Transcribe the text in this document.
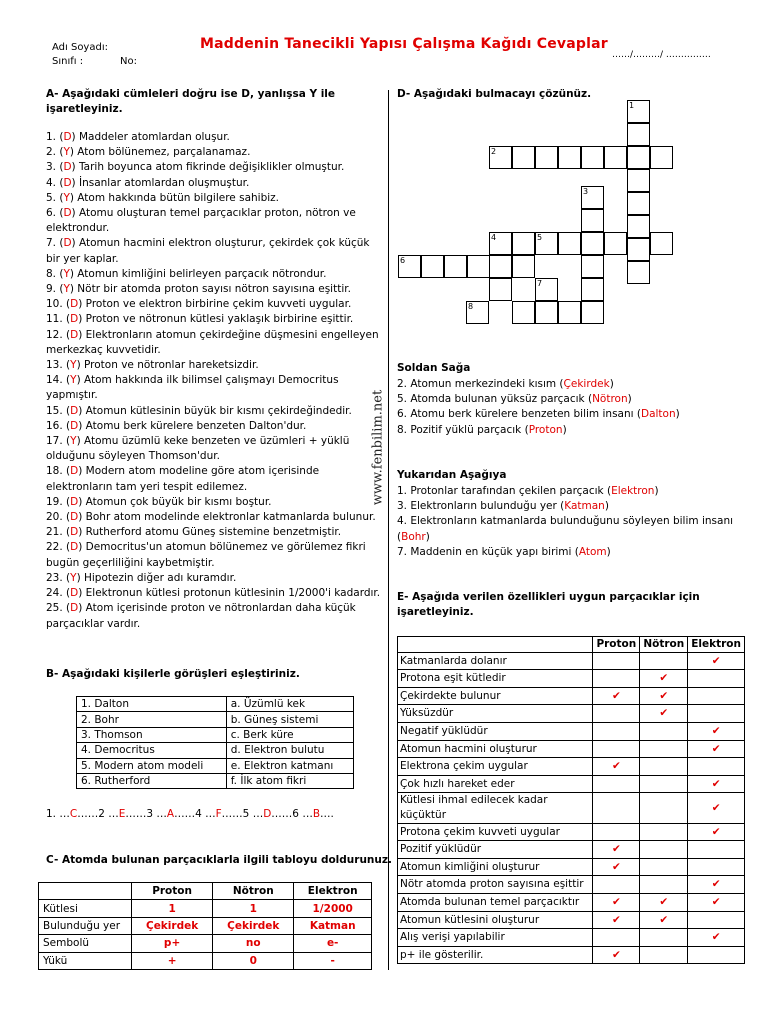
Adı Soyadı:
Sınıfı :	No:
Maddenin Tanecikli Yapısı Çalışma Kağıdı Cevaplar
……/………/ ……………
www.fenbilim.net
A- Aşağıdaki cümleleri doğru ise D, yanlışsa Y ile işaretleyiniz.
1. (D) Maddeler atomlardan oluşur.
2. (Y) Atom bölünemez, parçalanamaz.
3. (D) Tarih boyunca atom fikrinde değişiklikler olmuştur.
4. (D) İnsanlar atomlardan oluşmuştur.
5. (Y) Atom hakkında bütün bilgilere sahibiz.
6. (D) Atomu oluşturan temel parçacıklar proton, nötron ve elektrondur.
7. (D) Atomun hacmini elektron oluşturur, çekirdek çok küçük bir yer kaplar.
8. (Y) Atomun kimliğini belirleyen parçacık nötrondur.
9. (Y) Nötr bir atomda proton sayısı nötron sayısına eşittir.
10. (D) Proton ve elektron birbirine çekim kuvveti uygular.
11. (D) Proton ve nötronun kütlesi yaklaşık birbirine eşittir.
12. (D) Elektronların atomun çekirdeğine düşmesini engelleyen merkezkaç kuvvetidir.
13. (Y) Proton ve nötronlar hareketsizdir.
14. (Y) Atom hakkında ilk bilimsel çalışmayı Democritus yapmıştır.
15. (D) Atomun kütlesinin büyük bir kısmı çekirdeğindedir.
16. (D) Atomu berk kürelere benzeten Dalton'dur.
17. (Y) Atomu üzümlü keke benzeten ve üzümleri + yüklü olduğunu söyleyen Thomson'dur.
18. (D) Modern atom modeline göre atom içerisinde elektronların tam yeri tespit edilemez.
19. (D) Atomun çok büyük bir kısmı boştur.
20. (D) Bohr atom modelinde elektronlar katmanlarda bulunur.
21. (D) Rutherford atomu Güneş sistemine benzetmiştir.
22. (D) Democritus'un atomun bölünemez ve görülemez fikri bugün geçerliliğini kaybetmiştir.
23. (Y) Hipotezin diğer adı kuramdır.
24. (D) Elektronun kütlesi protonun kütlesinin 1/2000'i kadardır.
25. (D) Atom içerisinde proton ve nötronlardan daha küçük parçacıklar vardır.
B- Aşağıdaki kişilerle görüşleri eşleştiriniz.
1. Dalton	a. Üzümlü kek
2. Bohr	b. Güneş sistemi
3. Thomson	c. Berk küre
4. Democritus	d. Elektron bulutu
5. Modern atom modeli	e. Elektron katmanı
6. Rutherford	f. İlk atom fikri
1. …C……2 …E……3 …A……4 …F……5 …D……6 …B….
C- Atomda bulunan parçacıklarla ilgili tabloyu doldurunuz.
	Proton	Nötron	Elektron
Kütlesi	1	1	1/2000
Bulunduğu yer	Çekirdek	Çekirdek	Katman
Sembolü	p+	no	e-
Yükü	+	0	-
D- Aşağıdaki bulmacayı çözünüz.
1
2
3
4	5
6
7
8
Soldan Sağa
2. Atomun merkezindeki kısım (Çekirdek)
5. Atomda bulunan yüksüz parçacık (Nötron)
6. Atomu berk kürelere benzeten bilim insanı (Dalton)
8. Pozitif yüklü parçacık (Proton)
Yukarıdan Aşağıya
1. Protonlar tarafından çekilen parçacık (Elektron)
3. Elektronların bulunduğu yer (Katman)
4. Elektronların katmanlarda bulunduğunu söyleyen bilim insanı (Bohr)
7. Maddenin en küçük yapı birimi (Atom)
E- Aşağıda verilen özellikleri uygun parçacıklar için işaretleyiniz.
	Proton	Nötron	Elektron
Katmanlarda dolanır			✔
Protona eşit kütledir		✔	
Çekirdekte bulunur	✔	✔	
Yüksüzdür		✔	
Negatif yüklüdür			✔
Atomun hacmini oluşturur			✔
Elektrona çekim uygular	✔		
Çok hızlı hareket eder			✔
Kütlesi ihmal edilecek kadar küçüktür			✔
Protona çekim kuvveti uygular			✔
Pozitif yüklüdür	✔		
Atomun kimliğini oluşturur	✔		
Nötr atomda proton sayısına eşittir			✔
Atomda bulunan temel parçacıktır	✔	✔	✔
Atomun kütlesini oluşturur	✔	✔	
Alış verişi yapılabilir			✔
p+ ile gösterilir.	✔		
